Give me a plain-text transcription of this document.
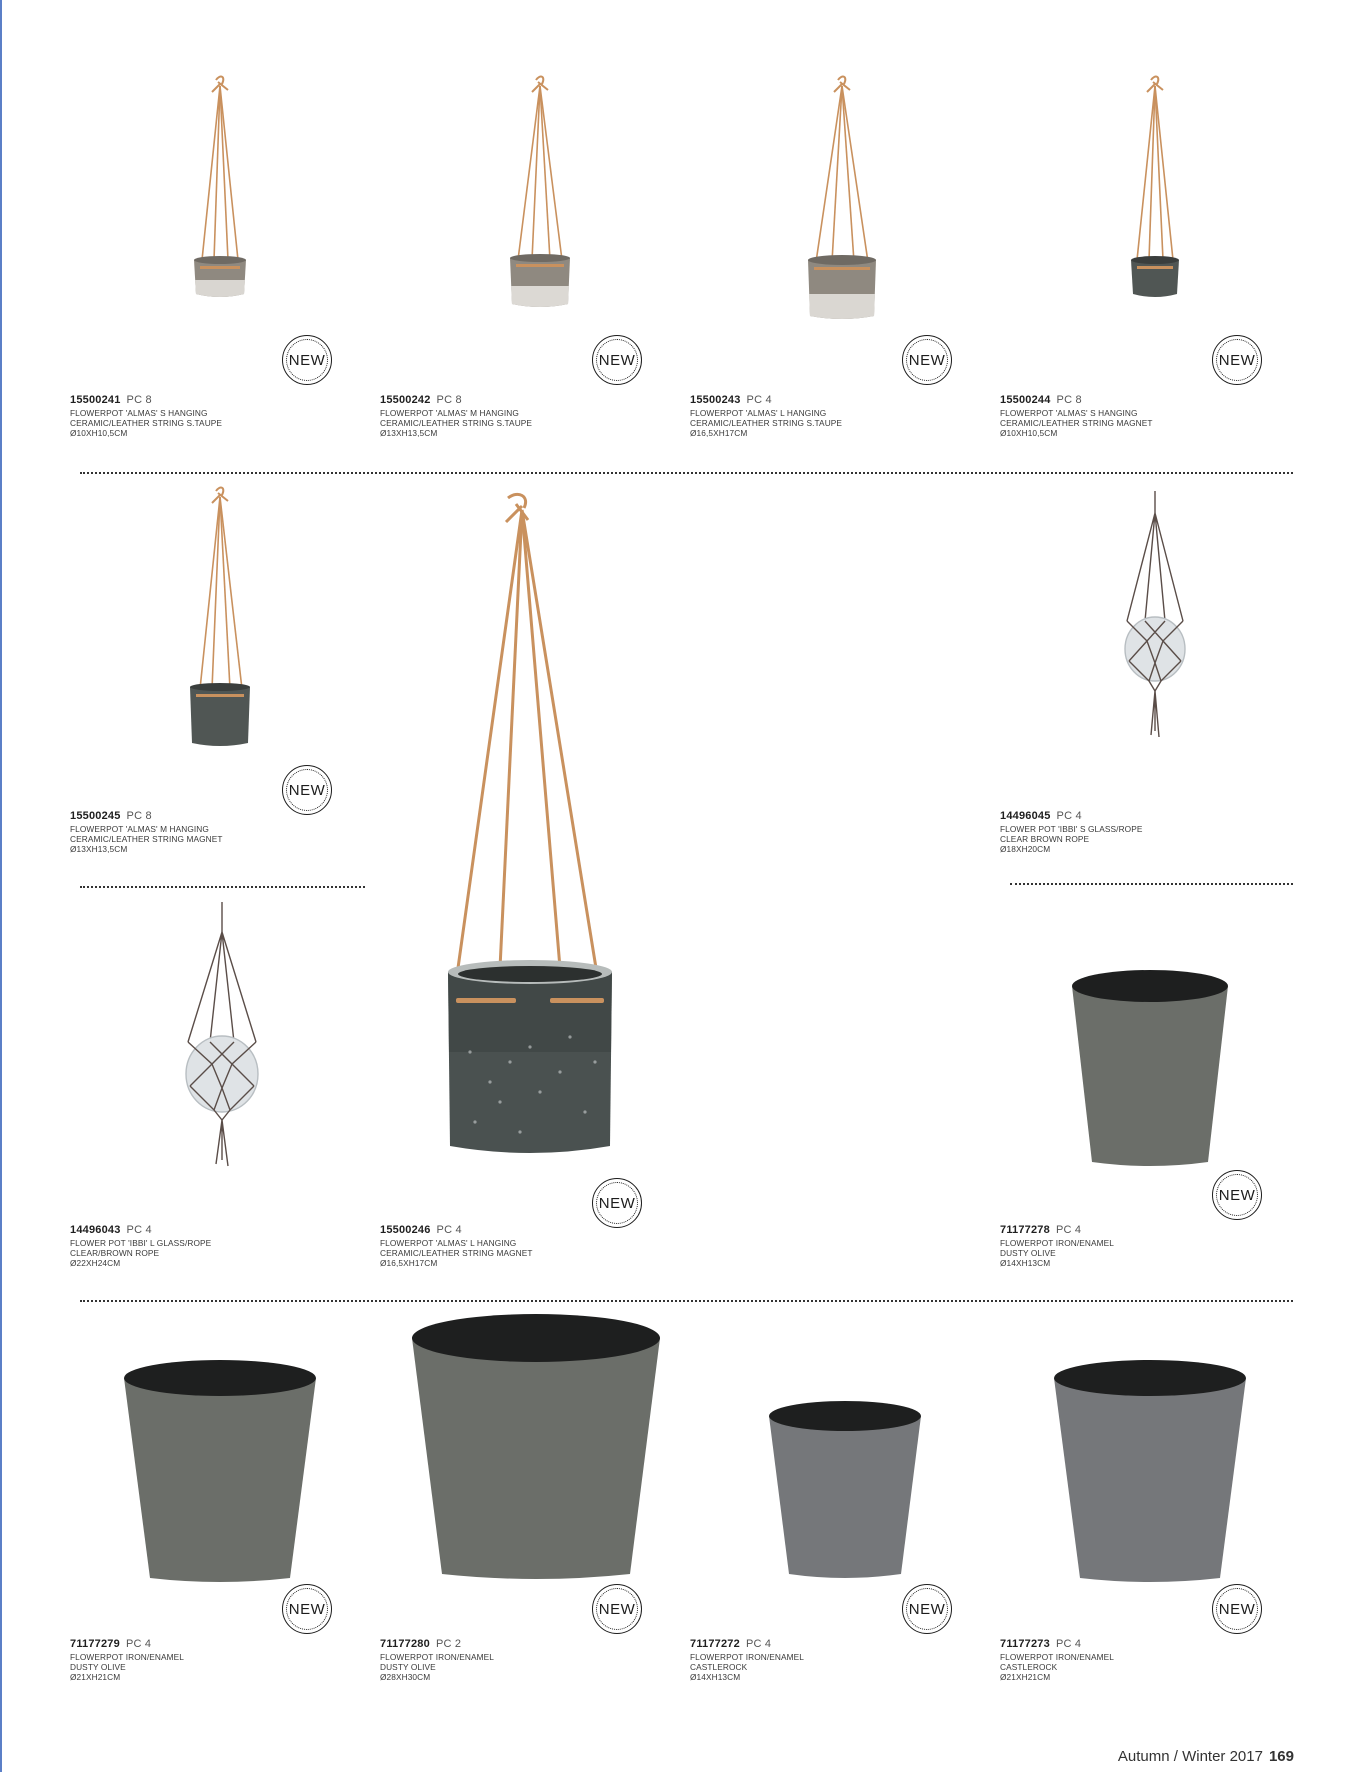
NEW
15500241 PC 8
FLOWERPOT 'ALMAS' S HANGING
CERAMIC/LEATHER STRING S.TAUPE
Ø10XH10,5CM
NEW
15500242 PC 8
FLOWERPOT 'ALMAS' M HANGING
CERAMIC/LEATHER STRING S.TAUPE
Ø13XH13,5CM
NEW
15500243 PC 4
FLOWERPOT 'ALMAS' L HANGING
CERAMIC/LEATHER STRING S.TAUPE
Ø16,5XH17CM
NEW
15500244 PC 8
FLOWERPOT 'ALMAS' S HANGING
CERAMIC/LEATHER STRING MAGNET
Ø10XH10,5CM
NEW
15500245 PC 8
FLOWERPOT 'ALMAS' M HANGING
CERAMIC/LEATHER STRING MAGNET
Ø13XH13,5CM
14496045 PC 4
FLOWER POT 'IBBI' S GLASS/ROPE
CLEAR BROWN ROPE
Ø18XH20CM
14496043 PC 4
FLOWER POT 'IBBI' L GLASS/ROPE
CLEAR/BROWN ROPE
Ø22XH24CM
NEW
15500246 PC 4
FLOWERPOT 'ALMAS' L HANGING
CERAMIC/LEATHER STRING MAGNET
Ø16,5XH17CM
NEW
71177278 PC 4
FLOWERPOT IRON/ENAMEL
DUSTY OLIVE
Ø14XH13CM
NEW
71177279 PC 4
FLOWERPOT IRON/ENAMEL
DUSTY OLIVE
Ø21XH21CM
NEW
71177280 PC 2
FLOWERPOT IRON/ENAMEL
DUSTY OLIVE
Ø28XH30CM
NEW
71177272 PC 4
FLOWERPOT IRON/ENAMEL
CASTLEROCK
Ø14XH13CM
NEW
71177273 PC 4
FLOWERPOT IRON/ENAMEL
CASTLEROCK
Ø21XH21CM
Autumn / Winter 2017 169
